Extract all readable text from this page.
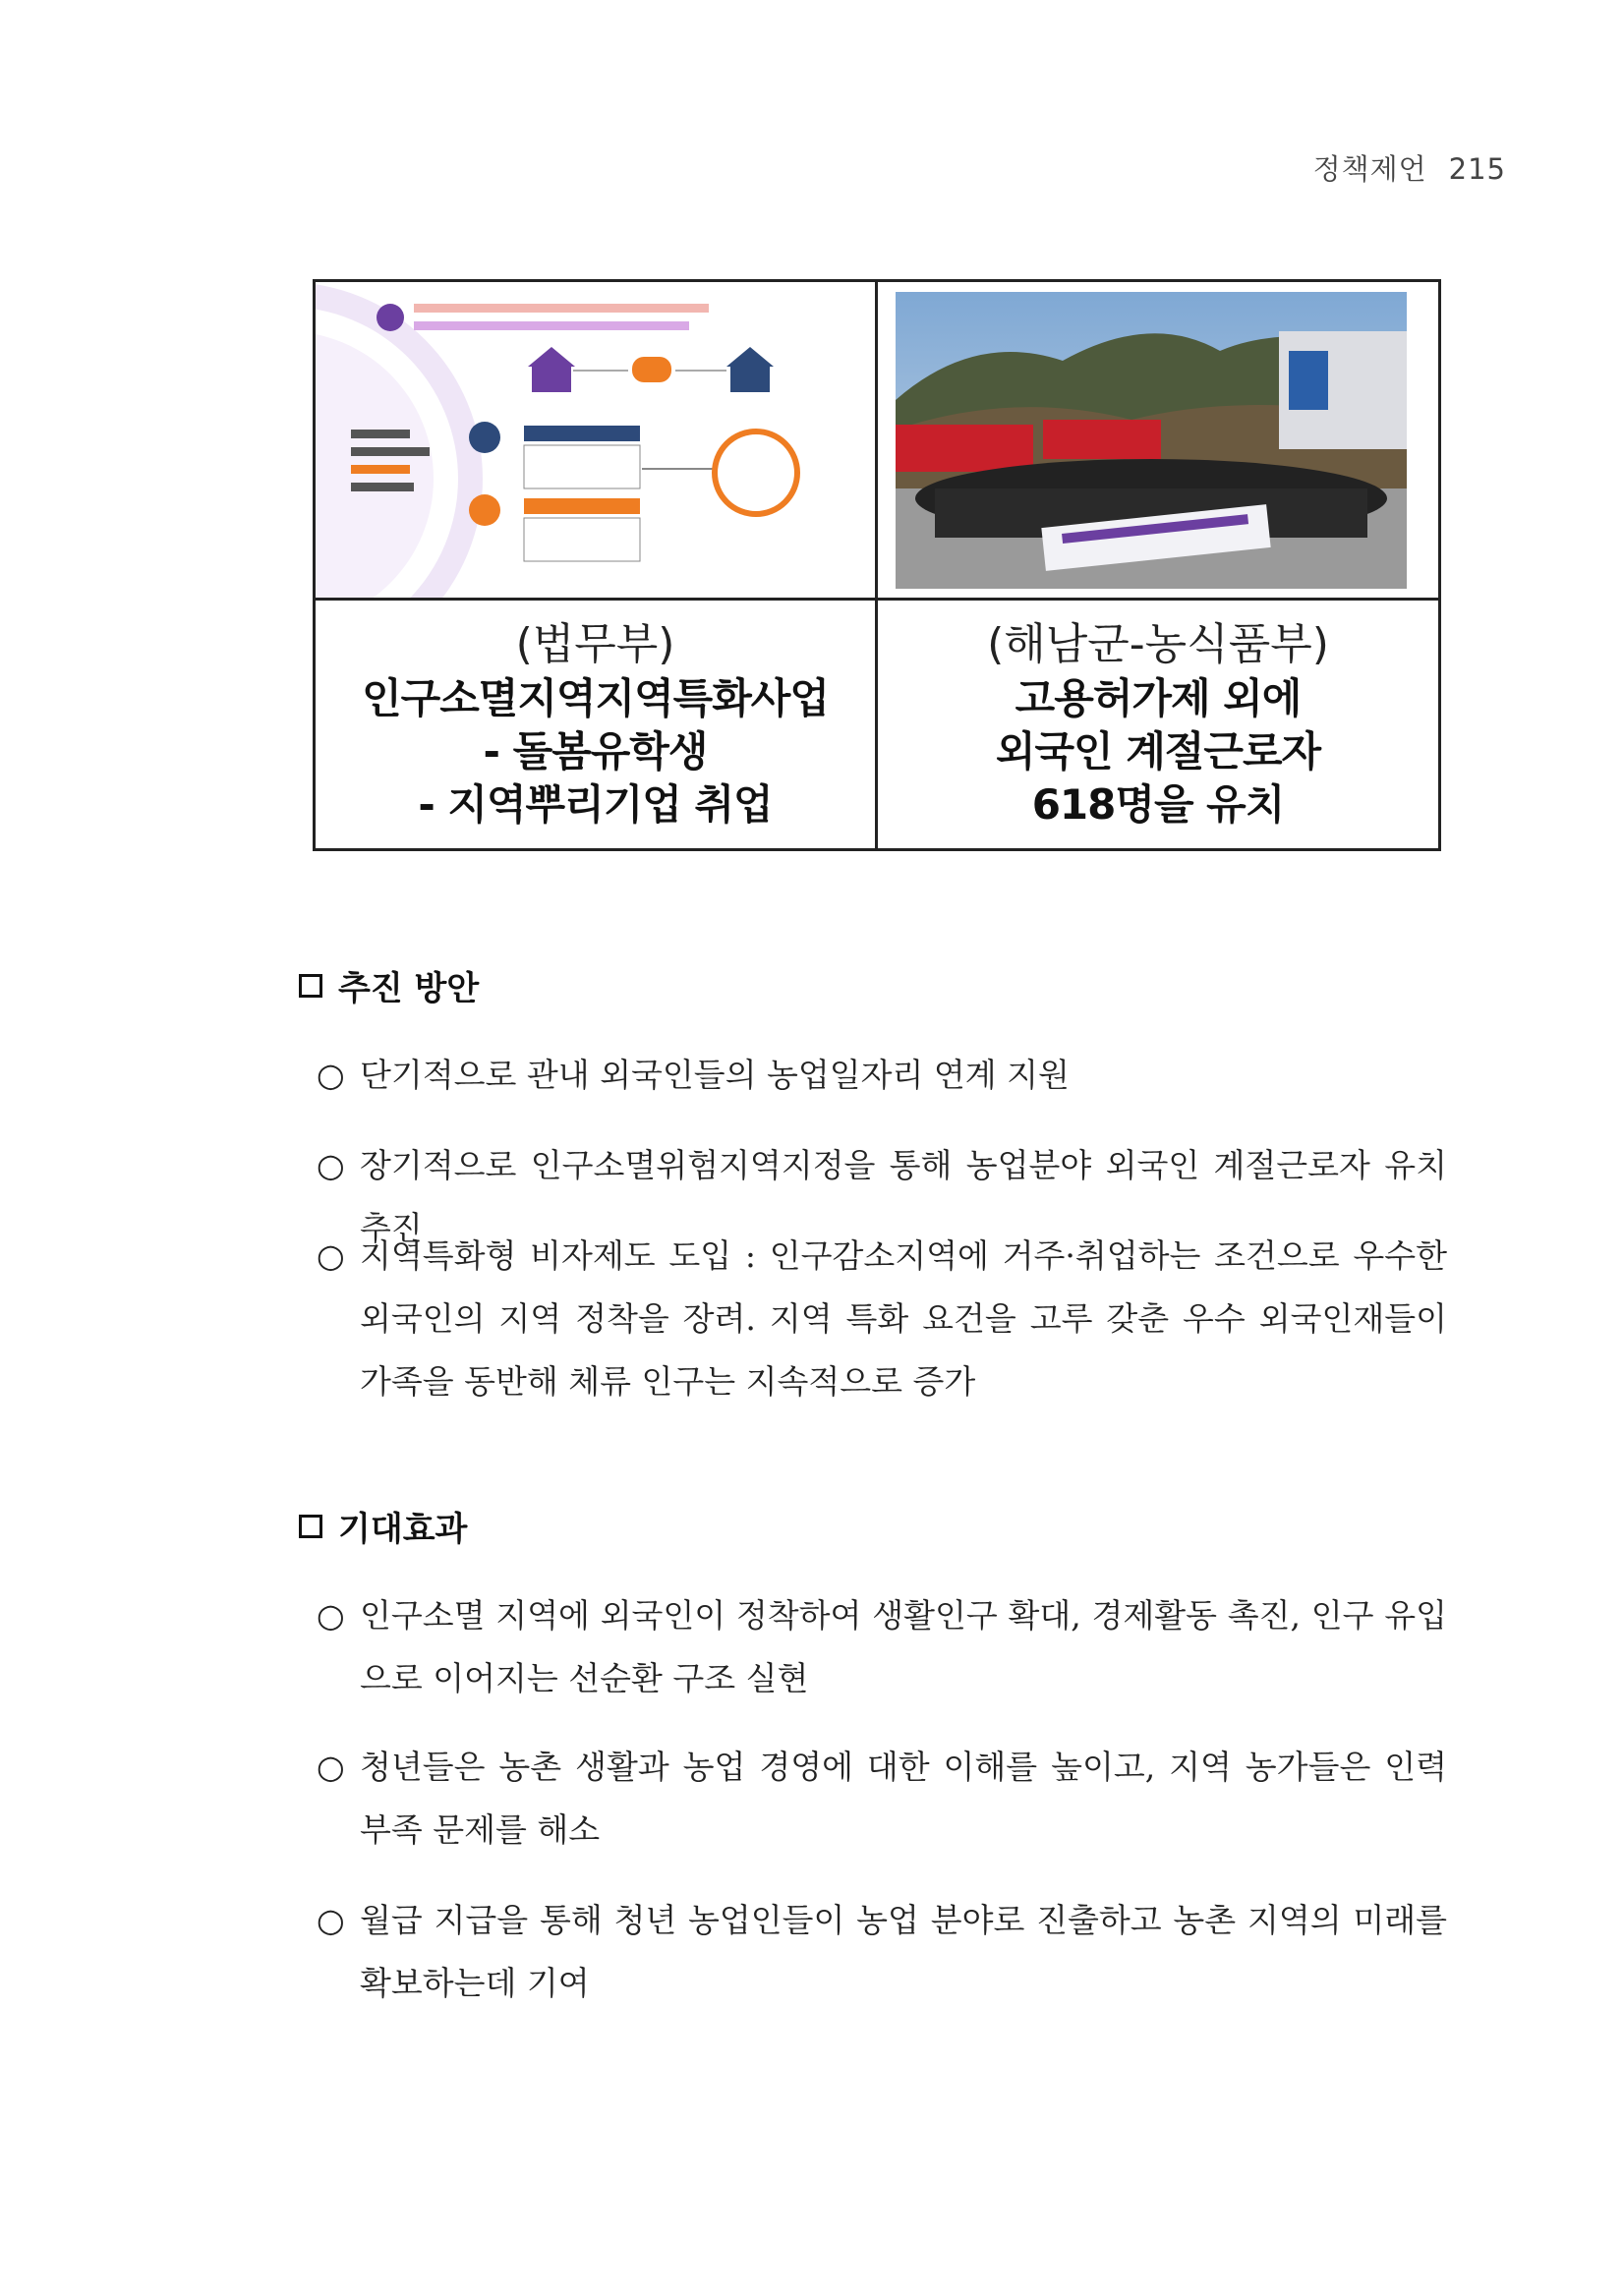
정책제언 215
(법무부)
인구소멸지역지역특화사업
- 돌봄유학생
- 지역뿌리기업 취업
(해남군-농식품부)
고용허가제 외에
외국인 계절근로자
618명을 유치
추진 방안
○ 단기적으로 관내 외국인들의 농업일자리 연계 지원
○ 장기적으로 인구소멸위험지역지정을 통해 농업분야 외국인 계절근로자 유치 추진
○ 지역특화형 비자제도 도입 : 인구감소지역에 거주·취업하는 조건으로 우수한 외국인의 지역 정착을 장려. 지역 특화 요건을 고루 갖춘 우수 외국인재들이 가족을 동반해 체류 인구는 지속적으로 증가
기대효과
○ 인구소멸 지역에 외국인이 정착하여 생활인구 확대, 경제활동 촉진, 인구 유입으로 이어지는 선순환 구조 실현
○ 청년들은 농촌 생활과 농업 경영에 대한 이해를 높이고, 지역 농가들은 인력 부족 문제를 해소
○ 월급 지급을 통해 청년 농업인들이 농업 분야로 진출하고 농촌 지역의 미래를 확보하는데 기여
